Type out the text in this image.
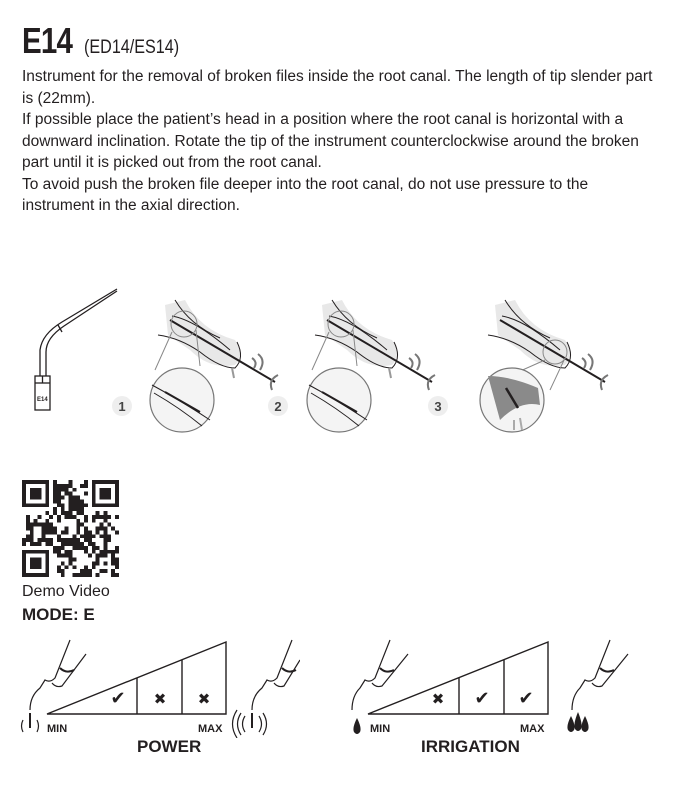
E14 (ED14/ES14)

Instrument for the removal of broken files inside the root canal. The length of tip slender part is (22mm).

If possible place the patient’s head in a position where the root canal is horizontal with a downward inclination. Rotate the tip of the instrument counterclockwise around the broken part until it is picked out from the root canal.

To avoid push the broken file deeper into the root canal, do not use pressure to the instrument in the axial direction.

E14	1	2	3
Demo Video
MODE: E
✔ ✖ ✖
MIN	MAX
POWER
✖ ✔ ✔
MIN	MAX
IRRIGATION
